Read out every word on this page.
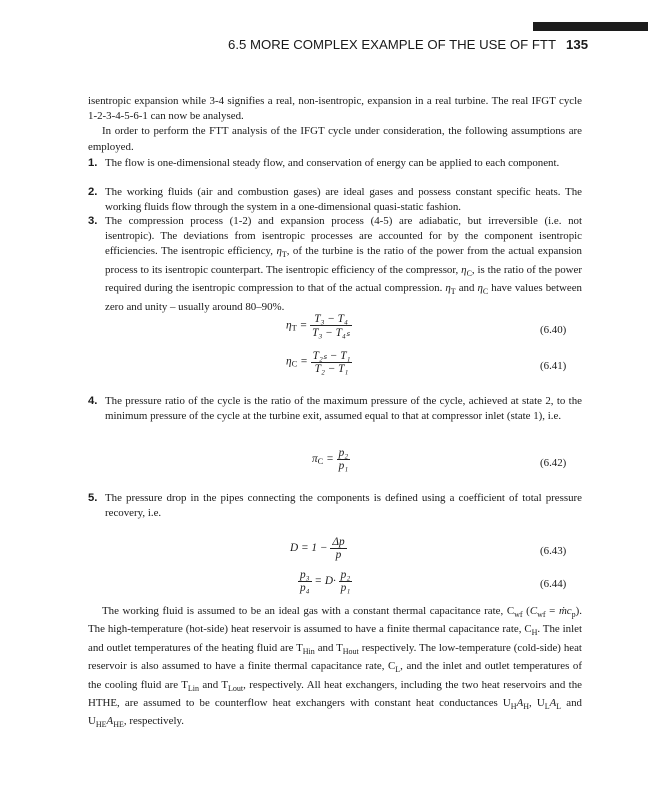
6.5 MORE COMPLEX EXAMPLE OF THE USE OF FTT 135
isentropic expansion while 3-4 signifies a real, non-isentropic, expansion in a real turbine. The real IFGT cycle 1-2-3-4-5-6-1 can now be analysed.
In order to perform the FTT analysis of the IFGT cycle under consideration, the following assumptions are employed.
1. The flow is one-dimensional steady flow, and conservation of energy can be applied to each component.
2. The working fluids (air and combustion gases) are ideal gases and possess constant specific heats. The working fluids flow through the system in a one-dimensional quasi-static fashion.
3. The compression process (1-2) and expansion process (4-5) are adiabatic, but irreversible (i.e. not isentropic). The deviations from isentropic processes are accounted for by the component isentropic efficiencies. The isentropic efficiency, $\eta_T$, of the turbine is the ratio of the power from the actual expansion process to its isentropic counterpart. The isentropic efficiency of the compressor, $\eta_C$, is the ratio of the power required during the isentropic compression to that of the actual compression. $\eta_T$ and $\eta_C$ have values between zero and unity – usually around 80–90%.
$\eta_T = \frac{\text{T₃ − T₄}}{\text{T₃ − T₄ₛ}}$	(6.40)
$\eta_C = \frac{\text{T₂ₛ − T₁}}{\text{T₂ − T₁}}$	(6.41)
4. The pressure ratio of the cycle is the ratio of the maximum pressure of the cycle, achieved at state 2, to the minimum pressure of the cycle at the turbine exit, assumed equal to that at compressor inlet (state 1), i.e.
$\pi_C = \frac{\text{p₂}}{\text{p₁}}$	(6.42)
5. The pressure drop in the pipes connecting the components is defined using a coefficient of total pressure recovery, i.e.
$D = 1 - \frac{\Delta p}{p}$	(6.43)
$\frac{\text{p₃}}{\text{p₄}} = D\cdot \frac{\text{p₂}}{\text{p₁}}$	(6.44)
The working fluid is assumed to be an ideal gas with a constant thermal capacitance rate, $C_{wf}$ ($C_{wf}$ = ṁc$_p$). The high-temperature (hot-side) heat reservoir is assumed to have a finite thermal capacitance rate, $C_H$. The inlet and outlet temperatures of the heating fluid are $T_{Hin}$ and $T_{Hout}$ respectively. The low-temperature (cold-side) heat reservoir is also assumed to have a finite thermal capacitance rate, $C_L$, and the inlet and outlet temperatures of the cooling fluid are $T_{Lin}$ and $T_{Lout}$, respectively. All heat exchangers, including the two heat reservoirs and the HTHE, are assumed to be counterflow heat exchangers with constant heat conductances $U_HA_H$, $U_LA_L$ and $U_{HE}A_{HE}$, respectively.
